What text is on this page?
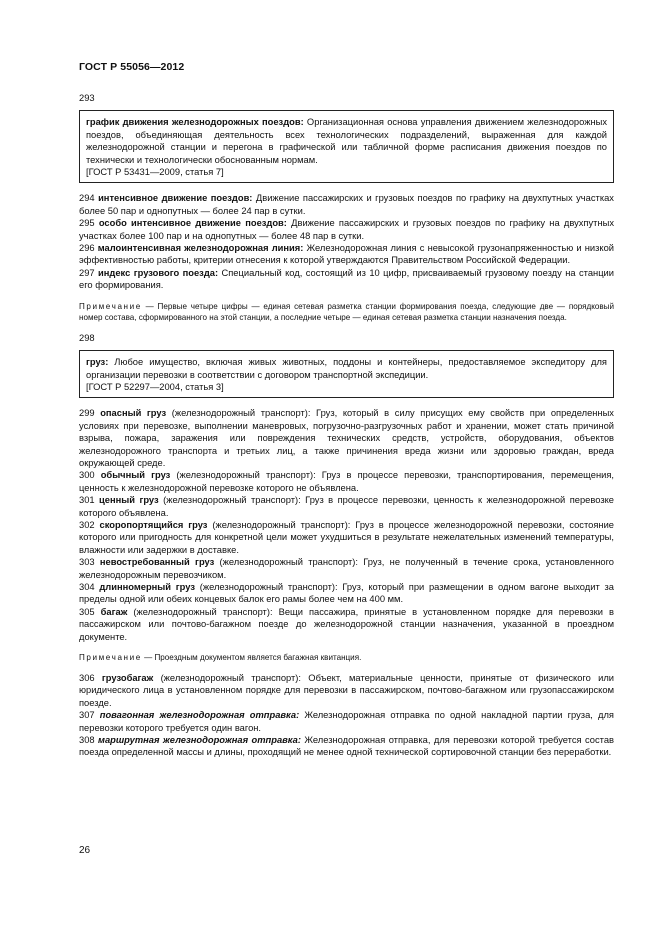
ГОСТ Р 55056—2012

293

график движения железнодорожных поездов: Организационная основа управления движением железнодорожных поездов, объединяющая деятельность всех технологических подразделений, выраженная для каждой железнодорожной станции и перегона в графической или табличной форме расписания движения поездов по технически и технологически обоснованным нормам.

[ГОСТ Р 53431—2009, статья 7]

294 интенсивное движение поездов: Движение пассажирских и грузовых поездов по графику на двухпутных участках более 50 пар и однопутных — более 24 пар в сутки.

295 особо интенсивное движение поездов: Движение пассажирских и грузовых поездов по графику на двухпутных участках более 100 пар и на однопутных — более 48 пар в сутки.

296 малоинтенсивная железнодорожная линия: Железнодорожная линия с невысокой грузонапряженностью и низкой эффективностью работы, критерии отнесения к которой утверждаются Правительством Российской Федерации.

297 индекс грузового поезда: Специальный код, состоящий из 10 цифр, присваиваемый грузовому поезду на станции его формирования.

Примечание — Первые четыре цифры — единая сетевая разметка станции формирования поезда, следующие две — порядковый номер состава, сформированного на этой станции, а последние четыре — единая сетевая разметка станции назначения поезда.

298

груз: Любое имущество, включая живых животных, поддоны и контейнеры, предоставляемое экспедитору для организации перевозки в соответствии с договором транспортной экспедиции.

[ГОСТ Р 52297—2004, статья 3]

299 опасный груз (железнодорожный транспорт): Груз, который в силу присущих ему свойств при определенных условиях при перевозке, выполнении маневровых, погрузочно-разгрузочных работ и хранении, может стать причиной взрыва, пожара, заражения или повреждения технических средств, устройств, оборудования, объектов железнодорожного транспорта и третьих лиц, а также причинения вреда жизни или здоровью граждан, вреда окружающей среде.

300 обычный груз (железнодорожный транспорт): Груз в процессе перевозки, транспортирования, перемещения, ценность к железнодорожной перевозке которого не объявлена.

301 ценный груз (железнодорожный транспорт): Груз в процессе перевозки, ценность к железнодорожной перевозке которого объявлена.

302 скоропортящийся груз (железнодорожный транспорт): Груз в процессе железнодорожной перевозки, состояние которого или пригодность для конкретной цели может ухудшиться в результате нежелательных изменений температуры, влажности или задержки в доставке.

303 невостребованный груз (железнодорожный транспорт): Груз, не полученный в течение срока, установленного железнодорожным перевозчиком.

304 длинномерный груз (железнодорожный транспорт): Груз, который при размещении в одном вагоне выходит за пределы одной или обеих концевых балок его рамы более чем на 400 мм.

305 багаж (железнодорожный транспорт): Вещи пассажира, принятые в установленном порядке для перевозки в пассажирском или почтово-багажном поезде до железнодорожной станции назначения, указанной в проездном документе.

Примечание — Проездным документом является багажная квитанция.

306 грузобагаж (железнодорожный транспорт): Объект, материальные ценности, принятые от физического или юридического лица в установленном порядке для перевозки в пассажирском, почтово-багажном или грузопассажирском поезде.

307 повагонная железнодорожная отправка: Железнодорожная отправка по одной накладной партии груза, для перевозки которого требуется один вагон.

308 маршрутная железнодорожная отправка: Железнодорожная отправка, для перевозки которой требуется состав поезда определенной массы и длины, проходящий не менее одной технической сортировочной станции без переработки.

26
